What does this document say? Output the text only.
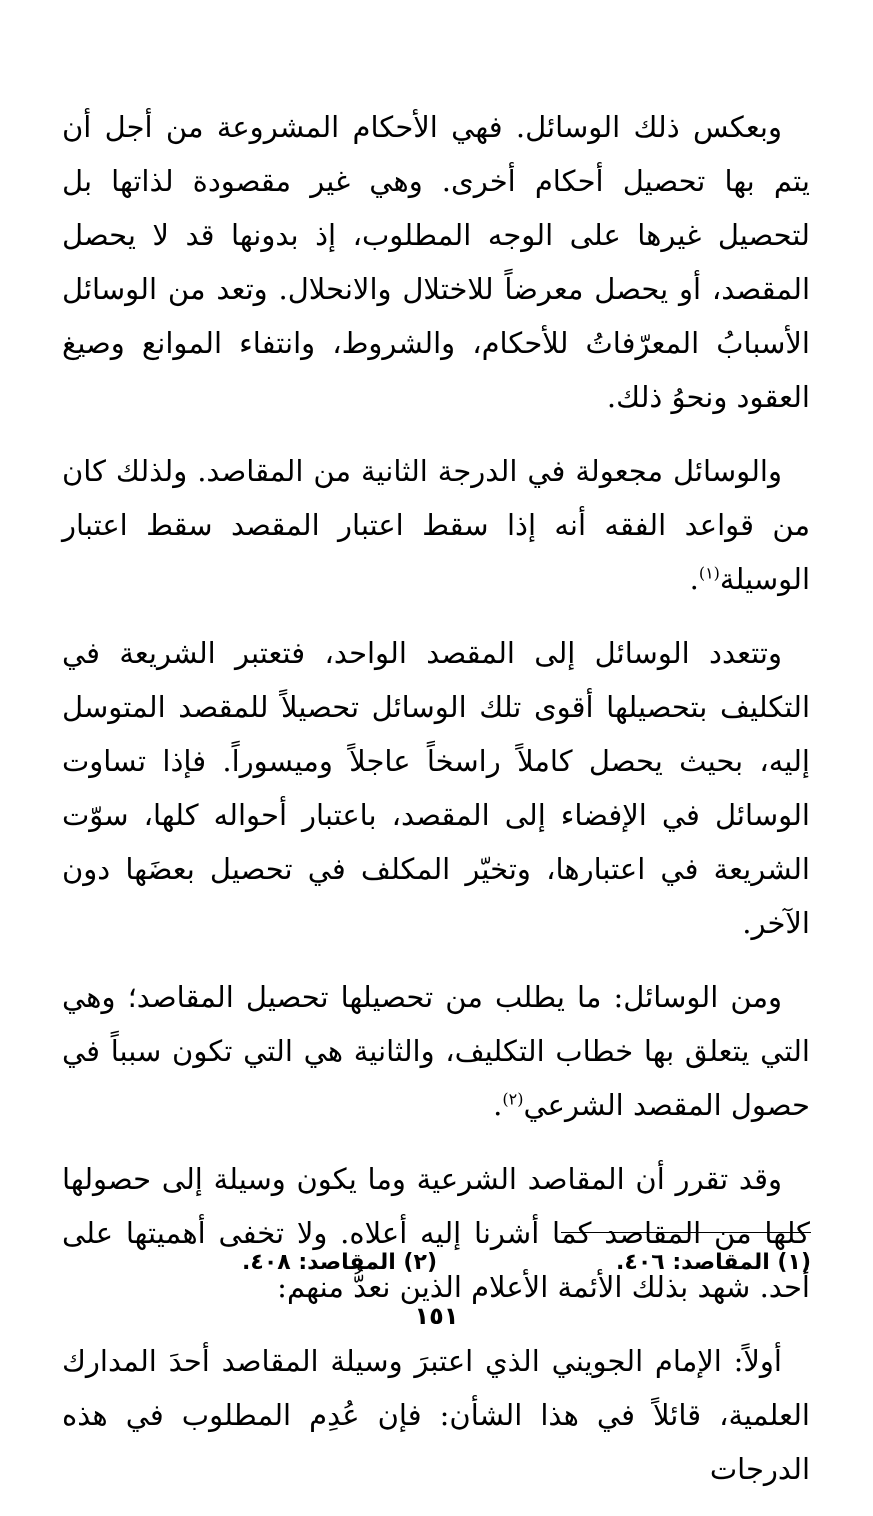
وبعكس ذلك الوسائل. فهي الأحكام المشروعة من أجل أن يتم بها تحصيل أحكام أخرى. وهي غير مقصودة لذاتها بل لتحصيل غيرها على الوجه المطلوب، إذ بدونها قد لا يحصل المقصد، أو يحصل معرضاً للاختلال والانحلال. وتعد من الوسائل الأسبابُ المعرّفاتُ للأحكام، والشروط، وانتفاء الموانع وصيغ العقود ونحوُ ذلك.

والوسائل مجعولة في الدرجة الثانية من المقاصد. ولذلك كان من قواعد الفقه أنه إذا سقط اعتبار المقصد سقط اعتبار الوسيلة$^{(١)}$.

وتتعدد الوسائل إلى المقصد الواحد، فتعتبر الشريعة في التكليف بتحصيلها أقوى تلك الوسائل تحصيلاً للمقصد المتوسل إليه، بحيث يحصل كاملاً راسخاً عاجلاً وميسوراً. فإذا تساوت الوسائل في الإفضاء إلى المقصد، باعتبار أحواله كلها، سوّت الشريعة في اعتبارها، وتخيّر المكلف في تحصيل بعضَها دون الآخر.

ومن الوسائل: ما يطلب من تحصيلها تحصيل المقاصد؛ وهي التي يتعلق بها خطاب التكليف، والثانية هي التي تكون سبباً في حصول المقصد الشرعي$^{(٢)}$.

وقد تقرر أن المقاصد الشرعية وما يكون وسيلة إلى حصولها كلها من المقاصد كما أشرنا إليه أعلاه. ولا تخفى أهميتها على أحد. شهد بذلك الأئمة الأعلام الذين نعدُّ منهم:

أولاً: الإمام الجويني الذي اعتبرَ وسيلة المقاصد أحدَ المدارك العلمية، قائلاً في هذا الشأن: فإن عُدِم المطلوب في هذه الدرجات

(١) المقاصد: ٤٠٦.
(٢) المقاصد: ٤٠٨.
١٥١
